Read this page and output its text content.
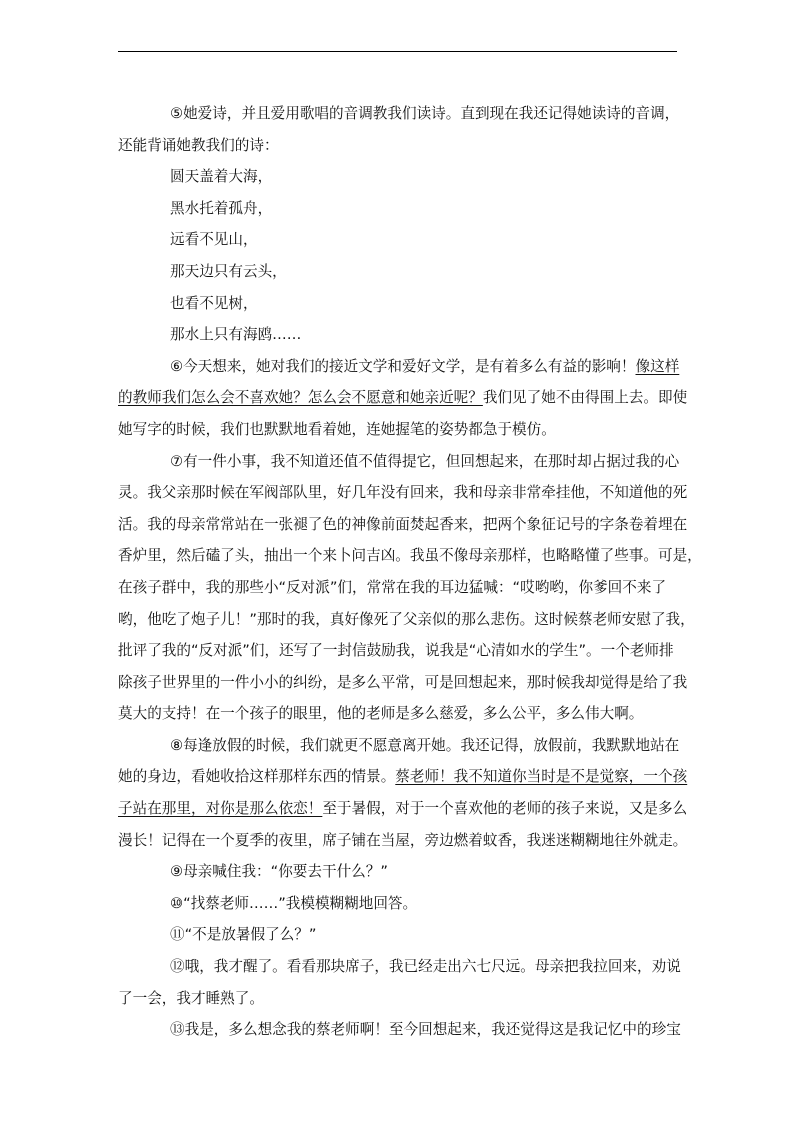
⑤她爱诗，并且爱用歌唱的音调教我们读诗。直到现在我还记得她读诗的音调，
还能背诵她教我们的诗：
圆天盖着大海，
黑水托着孤舟，
远看不见山，
那天边只有云头，
也看不见树，
那水上只有海鸥……
⑥今天想来，她对我们的接近文学和爱好文学，是有着多么有益的影响！像这样
的教师我们怎么会不喜欢她？怎么会不愿意和她亲近呢？我们见了她不由得围上去。即使
她写字的时候，我们也默默地看着她，连她握笔的姿势都急于模仿。
⑦有一件小事，我不知道还值不值得提它，但回想起来，在那时却占据过我的心
灵。我父亲那时候在军阀部队里，好几年没有回来，我和母亲非常牵挂他，不知道他的死
活。我的母亲常常站在一张褪了色的神像前面焚起香来，把两个象征记号的字条卷着埋在
香炉里，然后磕了头，抽出一个来卜问吉凶。我虽不像母亲那样，也略略懂了些事。可是，
在孩子群中，我的那些小“反对派”们，常常在我的耳边猛喊：“哎哟哟，你爹回不来了
哟，他吃了炮子儿！”那时的我，真好像死了父亲似的那么悲伤。这时候蔡老师安慰了我，
批评了我的“反对派”们，还写了一封信鼓励我，说我是“心清如水的学生”。一个老师排
除孩子世界里的一件小小的纠纷，是多么平常，可是回想起来，那时候我却觉得是给了我
莫大的支持！在一个孩子的眼里，他的老师是多么慈爱，多么公平，多么伟大啊。
⑧每逢放假的时候，我们就更不愿意离开她。我还记得，放假前，我默默地站在
她的身边，看她收拾这样那样东西的情景。蔡老师！我不知道你当时是不是觉察，一个孩
子站在那里，对你是那么依恋！至于暑假，对于一个喜欢他的老师的孩子来说，又是多么
漫长！记得在一个夏季的夜里，席子铺在当屋，旁边燃着蚊香，我迷迷糊糊地往外就走。
⑨母亲喊住我：“你要去干什么？”
⑩“找蔡老师……”我模模糊糊地回答。
⑪“不是放暑假了么？”
⑫哦，我才醒了。看看那块席子，我已经走出六七尺远。母亲把我拉回来，劝说
了一会，我才睡熟了。
⑬我是，多么想念我的蔡老师啊！至今回想起来，我还觉得这是我记忆中的珍宝
